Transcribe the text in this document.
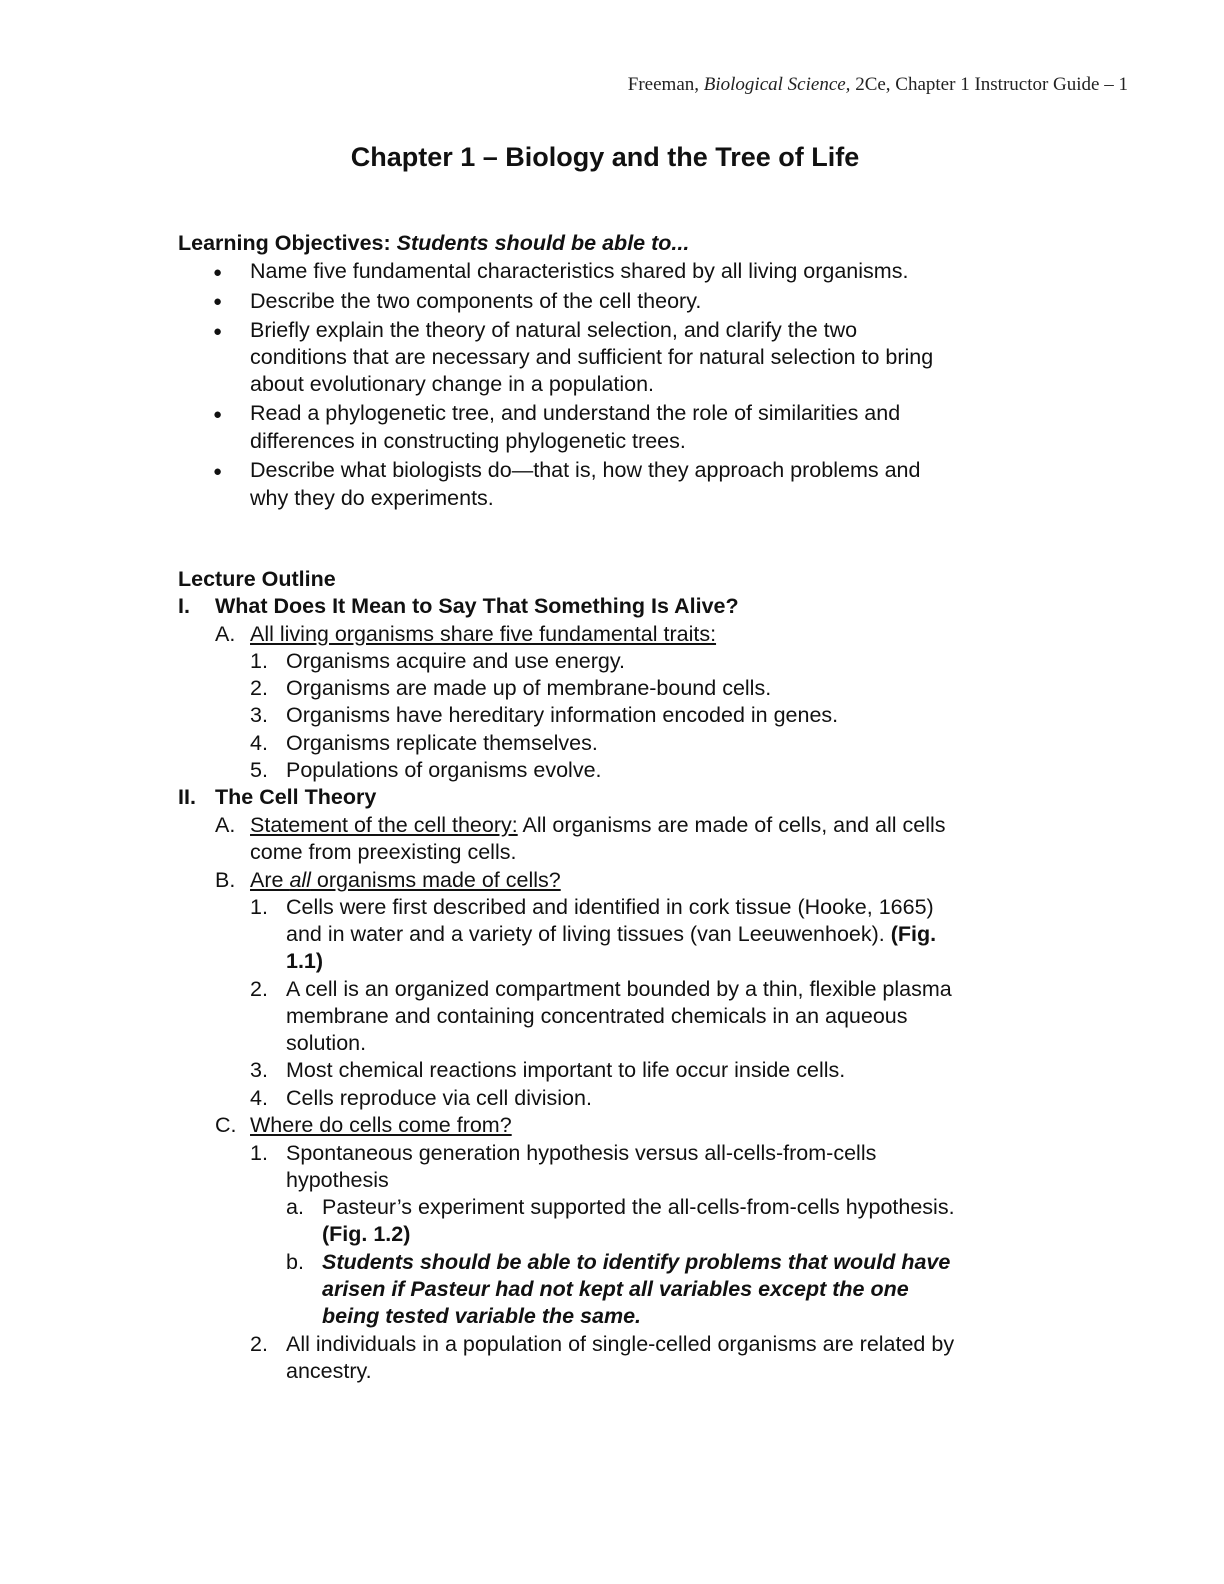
Freeman, Biological Science, 2Ce, Chapter 1 Instructor Guide – 1
Chapter 1 – Biology and the Tree of Life
Learning Objectives: Students should be able to...
● Name five fundamental characteristics shared by all living organisms.
● Describe the two components of the cell theory.
● Briefly explain the theory of natural selection, and clarify the two
conditions that are necessary and sufficient for natural selection to bring
about evolutionary change in a population.
● Read a phylogenetic tree, and understand the role of similarities and
differences in constructing phylogenetic trees.
● Describe what biologists do—that is, how they approach problems and
why they do experiments.
Lecture Outline
I. What Does It Mean to Say That Something Is Alive?
A. All living organisms share five fundamental traits:
1. Organisms acquire and use energy.
2. Organisms are made up of membrane-bound cells.
3. Organisms have hereditary information encoded in genes.
4. Organisms replicate themselves.
5. Populations of organisms evolve.
II. The Cell Theory
A. Statement of the cell theory: All organisms are made of cells, and all cells
come from preexisting cells.
B. Are all organisms made of cells?
1. Cells were first described and identified in cork tissue (Hooke, 1665)
and in water and a variety of living tissues (van Leeuwenhoek). (Fig.
1.1)
2. A cell is an organized compartment bounded by a thin, flexible plasma
membrane and containing concentrated chemicals in an aqueous
solution.
3. Most chemical reactions important to life occur inside cells.
4. Cells reproduce via cell division.
C. Where do cells come from?
1. Spontaneous generation hypothesis versus all-cells-from-cells
hypothesis
a. Pasteur’s experiment supported the all-cells-from-cells hypothesis.
(Fig. 1.2)
b. Students should be able to identify problems that would have
arisen if Pasteur had not kept all variables except the one
being tested variable the same.
2. All individuals in a population of single-celled organisms are related by
ancestry.
